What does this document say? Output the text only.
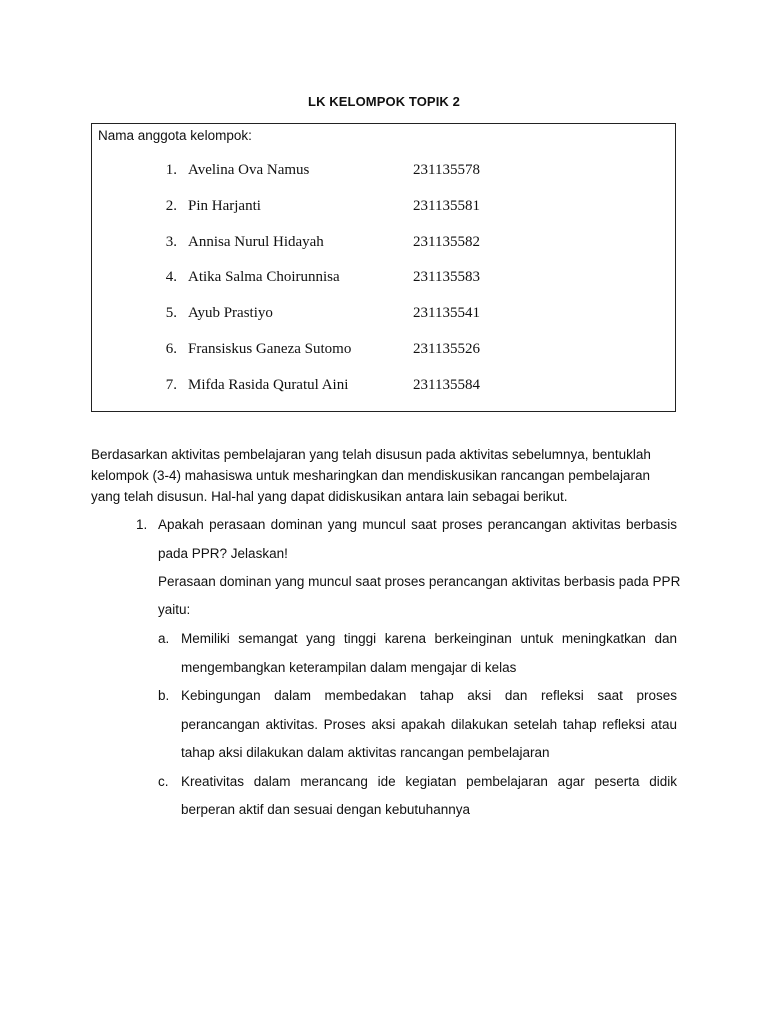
LK KELOMPOK TOPIK 2
Nama anggota kelompok:
1. Avelina Ova Namus	231135578
2. Pin Harjanti	231135581
3. Annisa Nurul Hidayah	231135582
4. Atika Salma Choirunnisa	231135583
5. Ayub Prastiyo	231135541
6. Fransiskus Ganeza Sutomo	231135526
7. Mifda Rasida Quratul Aini	231135584
Berdasarkan aktivitas pembelajaran yang telah disusun pada aktivitas sebelumnya, bentuklah
kelompok (3-4) mahasiswa untuk mesharingkan dan mendiskusikan rancangan pembelajaran
yang telah disusun. Hal-hal yang dapat didiskusikan antara lain sebagai berikut.
1. Apakah perasaan dominan yang muncul saat proses perancangan aktivitas berbasis
pada PPR? Jelaskan!
Perasaan dominan yang muncul saat proses perancangan aktivitas berbasis pada PPR
yaitu:
a. Memiliki semangat yang tinggi karena berkeinginan untuk meningkatkan dan
mengembangkan keterampilan dalam mengajar di kelas
b. Kebingungan dalam membedakan tahap aksi dan refleksi saat proses
perancangan aktivitas. Proses aksi apakah dilakukan setelah tahap refleksi atau
tahap aksi dilakukan dalam aktivitas rancangan pembelajaran
c. Kreativitas dalam merancang ide kegiatan pembelajaran agar peserta didik
berperan aktif dan sesuai dengan kebutuhannya
